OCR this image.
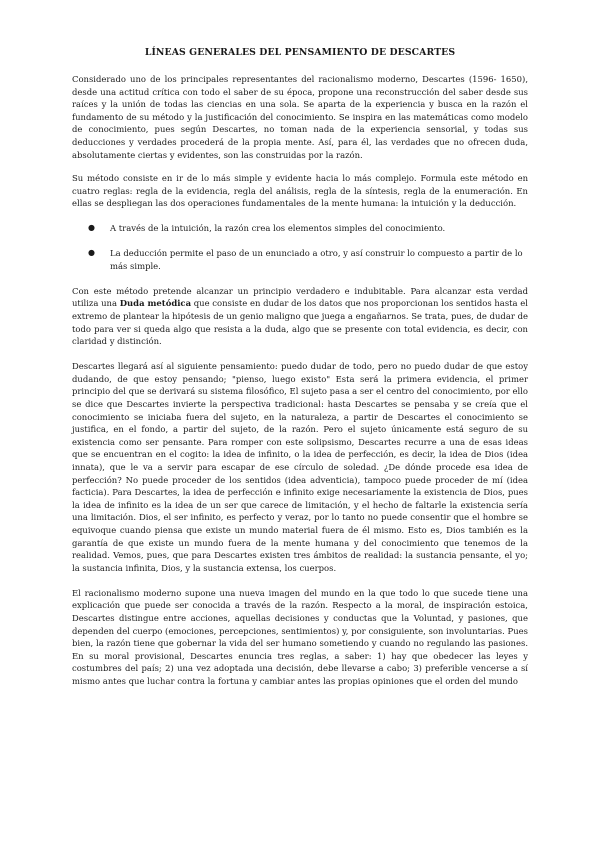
LÍNEAS GENERALES DEL PENSAMIENTO DE DESCARTES

Considerado uno de los principales representantes del racionalismo moderno, Descartes (1596- 1650), desde una actitud crítica con todo el saber de su época, propone una reconstrucción del saber desde sus raíces y la unión de todas las ciencias en una sola. Se aparta de la experiencia y busca en la razón el fundamento de su método y la justificación del conocimiento. Se inspira en las matemáticas como modelo de conocimiento, pues según Descartes, no toman nada de la experiencia sensorial, y todas sus deducciones y verdades procederá de la propia mente. Así, para él, las verdades que no ofrecen duda, absolutamente ciertas y evidentes, son las construidas por la razón.

Su método consiste en ir de lo más simple y evidente hacia lo más complejo. Formula este método en cuatro reglas: regla de la evidencia, regla del análisis, regla de la síntesis, regla de la enumeración. En ellas se despliegan las dos operaciones fundamentales de la mente humana: la intuición y la deducción.

● A través de la intuición, la razón crea los elementos simples del conocimiento.
● La deducción permite el paso de un enunciado a otro, y así construir lo compuesto a partir de lo más simple.

Con este método pretende alcanzar un principio verdadero e indubitable. Para alcanzar esta verdad utiliza una Duda metódica que consiste en dudar de los datos que nos proporcionan los sentidos hasta el extremo de plantear la hipótesis de un genio maligno que juega a engañarnos. Se trata, pues, de dudar de todo para ver si queda algo que resista a la duda, algo que se presente con total evidencia, es decir, con claridad y distinción.

Descartes llegará así al siguiente pensamiento: puedo dudar de todo, pero no puedo dudar de que estoy dudando, de que estoy pensando; "pienso, luego existo" Esta será la primera evidencia, el primer principio del que se derivará su sistema filosófico, El sujeto pasa a ser el centro del conocimiento, por ello se dice que Descartes invierte la perspectiva tradicional: hasta Descartes se pensaba y se creía que el conocimiento se iniciaba fuera del sujeto, en la naturaleza, a partir de Descartes el conocimiento se justifica, en el fondo, a partir del sujeto, de la razón. Pero el sujeto únicamente está seguro de su existencia como ser pensante. Para romper con este solipsismo, Descartes recurre a una de esas ideas que se encuentran en el cogito: la idea de infinito, o la idea de perfección, es decir, la idea de Dios (idea innata), que le va a servir para escapar de ese círculo de soledad. ¿De dónde procede esa idea de perfección? No puede proceder de los sentidos (idea adventicia), tampoco puede proceder de mí (idea facticia). Para Descartes, la idea de perfección e infinito exige necesariamente la existencia de Dios, pues la idea de infinito es la idea de un ser que carece de limitación, y el hecho de faltarle la existencia sería una limitación. Dios, el ser infinito, es perfecto y veraz, por lo tanto no puede consentir que el hombre se equivoque cuando piensa que existe un mundo material fuera de él mismo. Esto es, Dios también es la garantía de que existe un mundo fuera de la mente humana y del conocimiento que tenemos de la realidad. Vemos, pues, que para Descartes existen tres ámbitos de realidad: la sustancia pensante, el yo; la sustancia infinita, Dios, y la sustancia extensa, los cuerpos.

El racionalismo moderno supone una nueva imagen del mundo en la que todo lo que sucede tiene una explicación que puede ser conocida a través de la razón. Respecto a la moral, de inspiración estoica, Descartes distingue entre acciones, aquellas decisiones y conductas que la Voluntad, y pasiones, que dependen del cuerpo (emociones, percepciones, sentimientos) y, por consiguiente, son involuntarias. Pues bien, la razón tiene que gobernar la vida del ser humano sometiendo y cuando no regulando las pasiones. En su moral provisional, Descartes enuncia tres reglas, a saber: 1) hay que obedecer las leyes y costumbres del país; 2) una vez adoptada una decisión, debe llevarse a cabo; 3) preferible vencerse a sí mismo antes que luchar contra la fortuna y cambiar antes las propias opiniones que el orden del mundo
